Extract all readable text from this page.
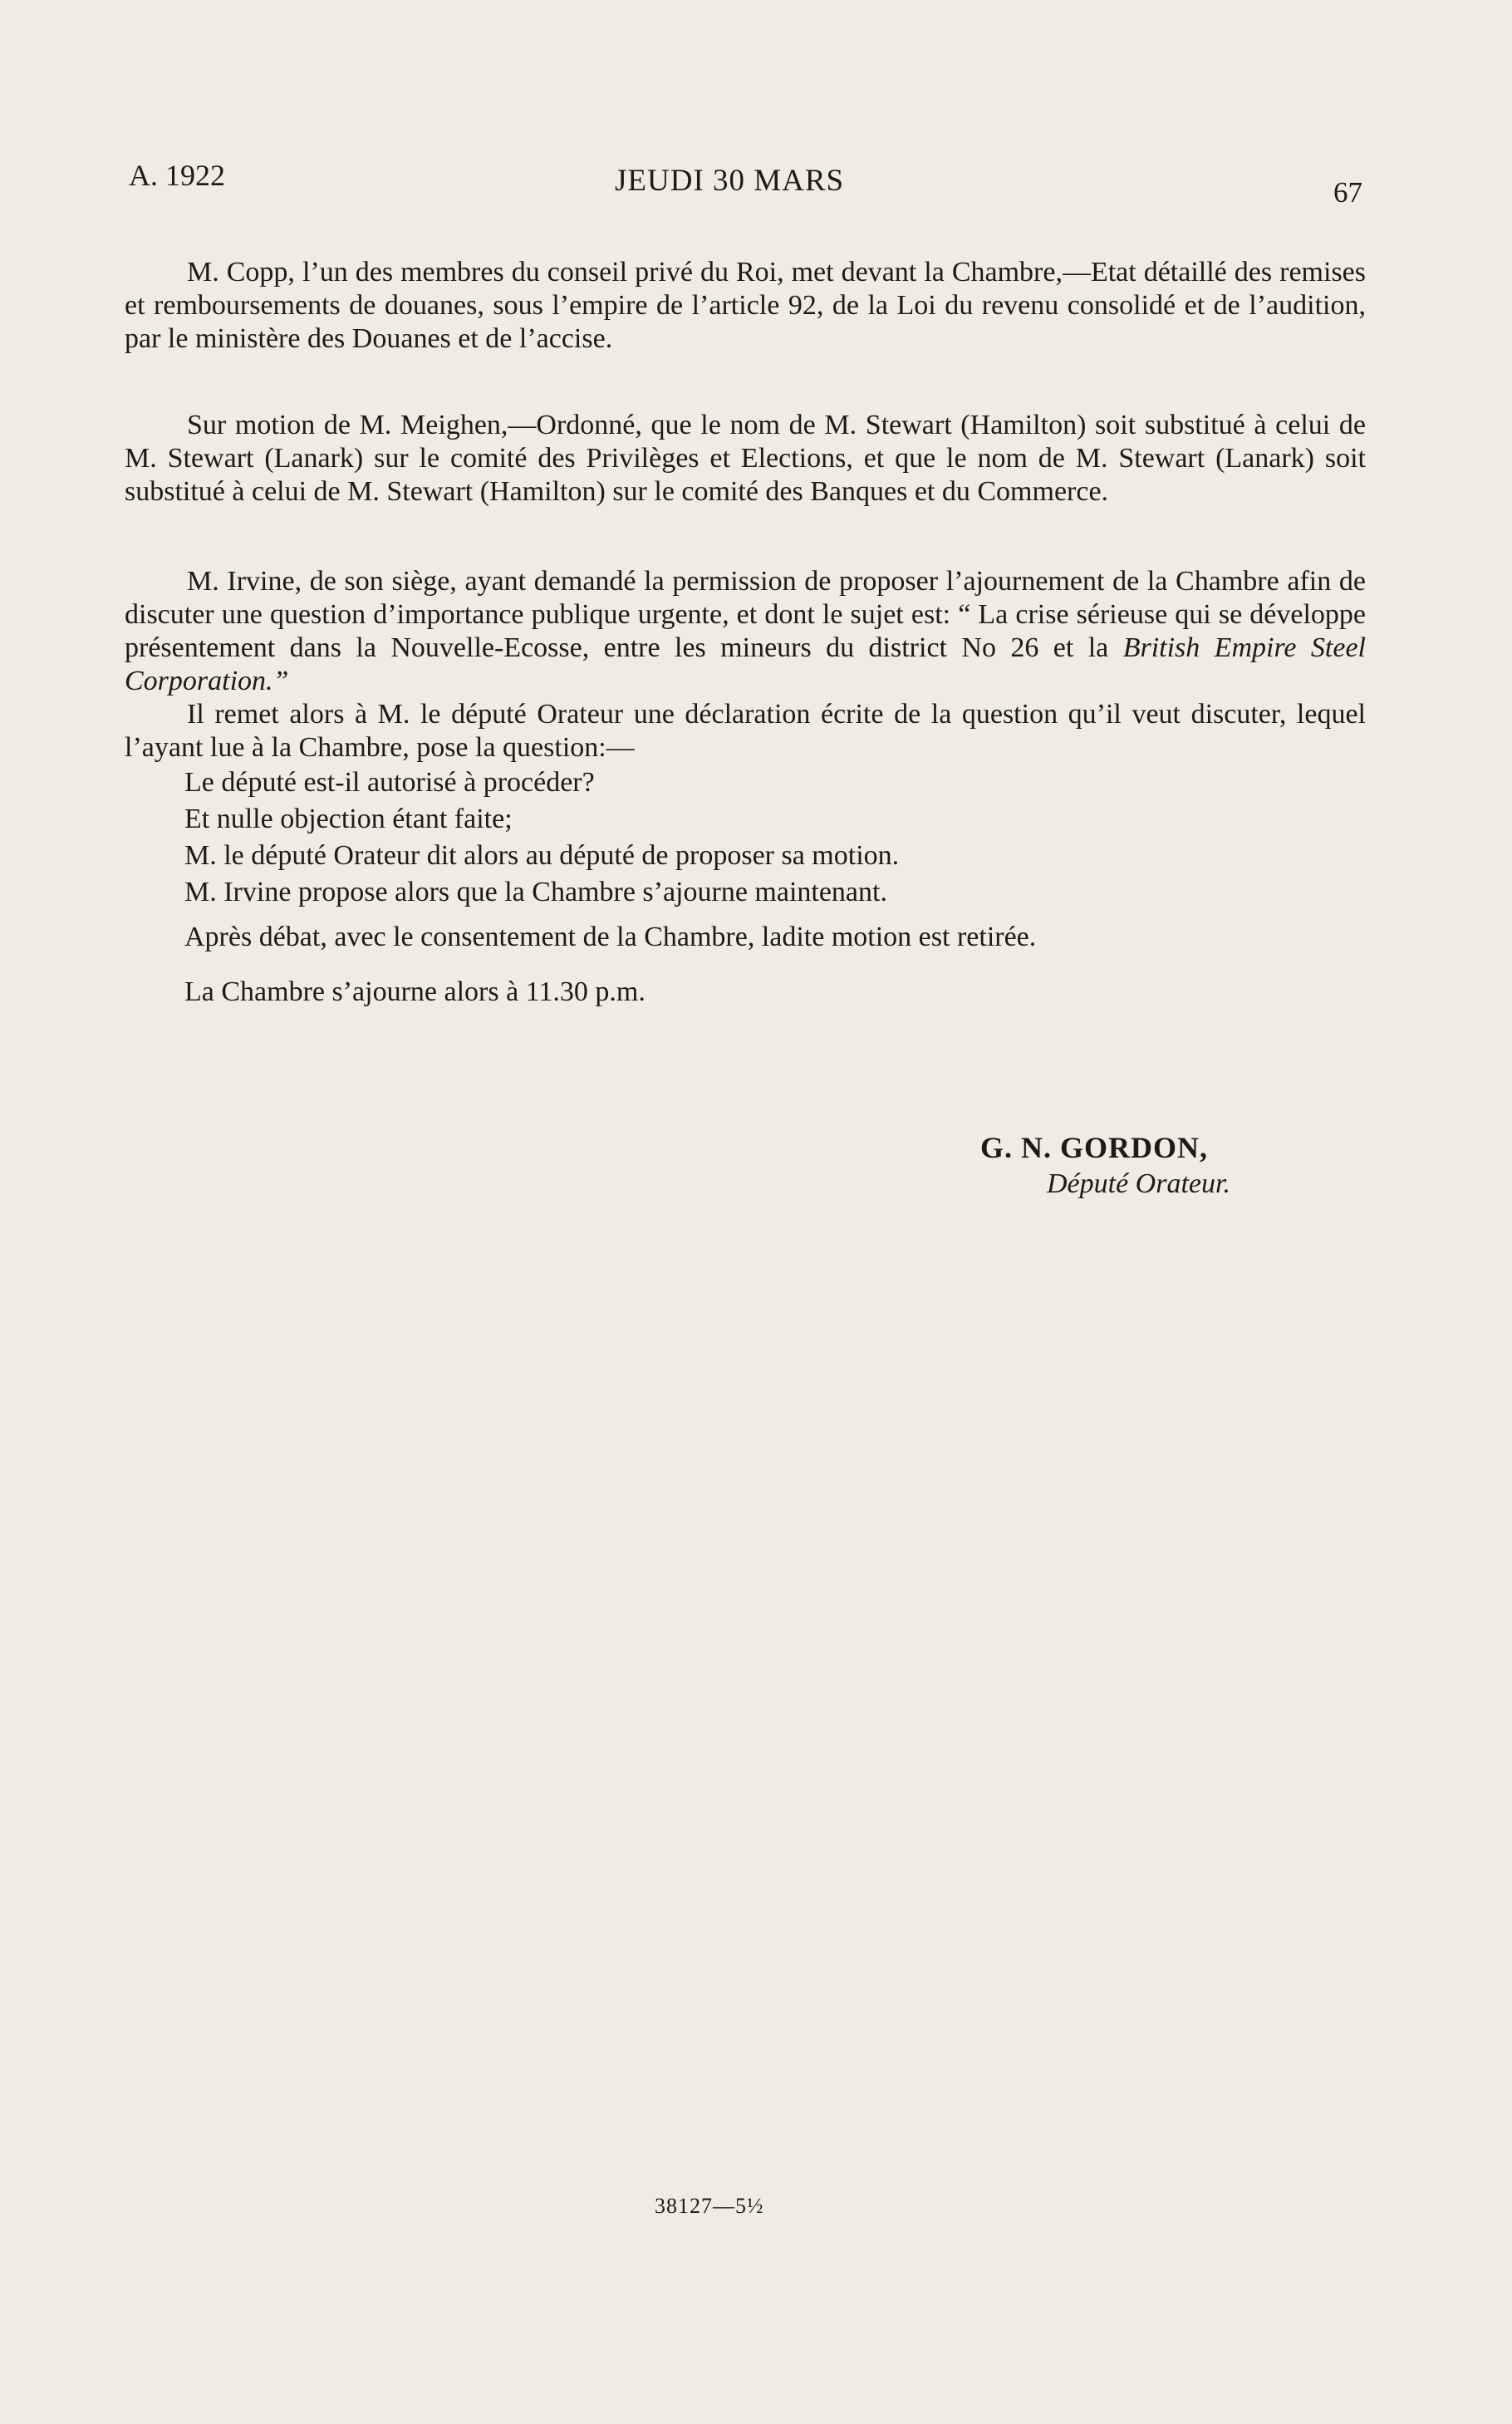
A. 1922	JEUDI 30 MARS	67

M. Copp, l’un des membres du conseil privé du Roi, met devant la Chambre,—Etat détaillé des remises et remboursements de douanes, sous l’empire de l’article 92, de la Loi du revenu consolidé et de l’audition, par le ministère des Douanes et de l’accise.

Sur motion de M. Meighen,—Ordonné, que le nom de M. Stewart (Hamilton) soit substitué à celui de M. Stewart (Lanark) sur le comité des Privilèges et Elections, et que le nom de M. Stewart (Lanark) soit substitué à celui de M. Stewart (Hamilton) sur le comité des Banques et du Commerce.

M. Irvine, de son siège, ayant demandé la permission de proposer l’ajournement de la Chambre afin de discuter une question d’importance publique urgente, et dont le sujet est: “ La crise sérieuse qui se développe présentement dans la Nouvelle-Ecosse, entre les mineurs du district No 26 et la British Empire Steel Corporation.”

Il remet alors à M. le député Orateur une déclaration écrite de la question qu’il veut discuter, lequel l’ayant lue à la Chambre, pose la question:—

Le député est-il autorisé à procéder?

Et nulle objection étant faite;

M. le député Orateur dit alors au député de proposer sa motion.

M. Irvine propose alors que la Chambre s’ajourne maintenant.

Après débat, avec le consentement de la Chambre, ladite motion est retirée.

La Chambre s’ajourne alors à 11.30 p.m.

G. N. GORDON,

Député Orateur.

38127—5½
